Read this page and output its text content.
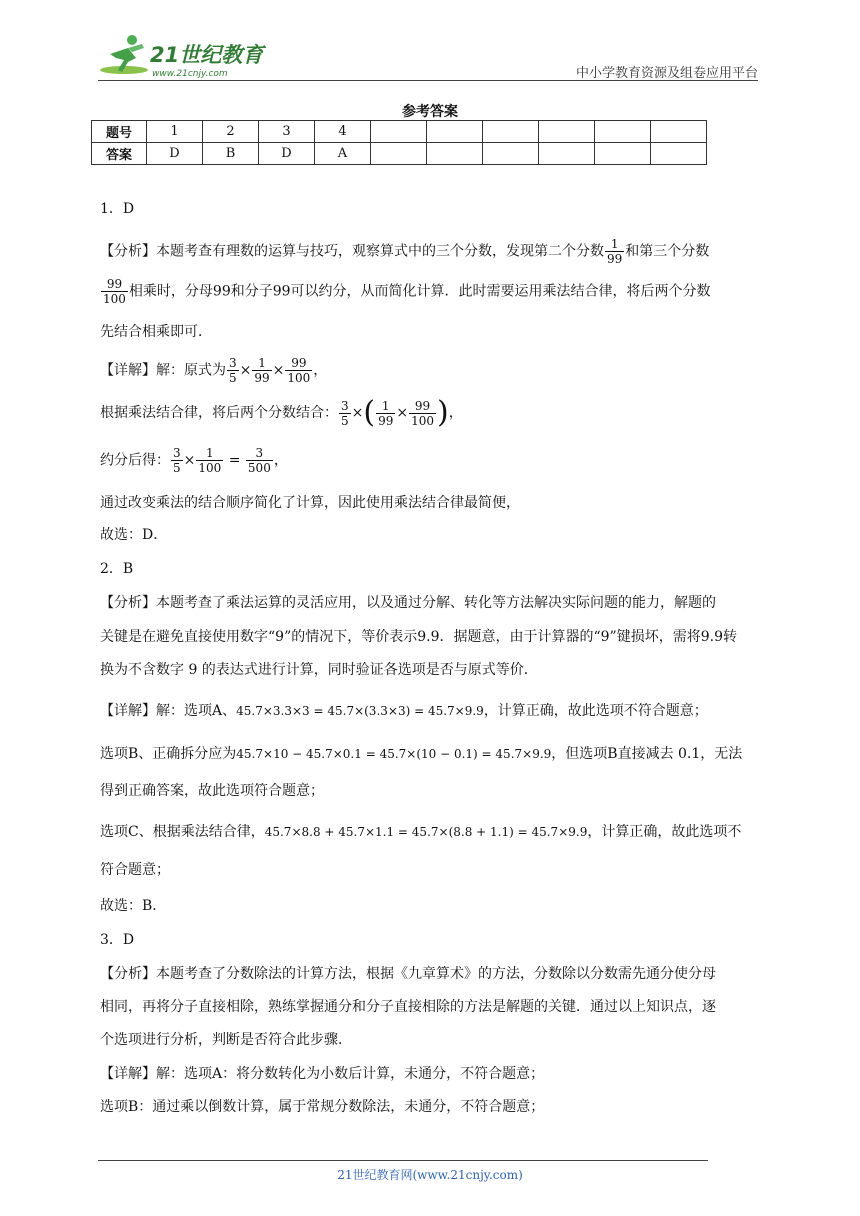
21世纪教育
www.21cnjy.com	中小学教育资源及组卷应用平台
参考答案
题号	1	2	3	4						
答案	D	B	D	A						
1．D
【分析】本题考查有理数的运算与技巧，观察算式中的三个分数，发现第二个分数 $\frac{1}{99}$ 和第三个分数
$\frac{99}{100}$ 相乘时，分母99和分子99可以约分，从而简化计算．此时需要运用乘法结合律，将后两个分数
先结合相乘即可．
【详解】解：原式为 $\frac{3}{5} \times \frac{1}{99} \times \frac{99}{100}$ ，
根据乘法结合律，将后两个分数结合： $\frac{3}{5}$ ×( $\frac{1}{99} \times \frac{99}{100}$ )，
约分后得： $\frac{3}{5} \times \frac{1}{100} = \frac{3}{500}$ ，
通过改变乘法的结合顺序简化了计算，因此使用乘法结合律最简便，
故选：D．
2．B
【分析】本题考查了乘法运算的灵活应用，以及通过分解、转化等方法解决实际问题的能力，解题的
关键是在避免直接使用数字“9”的情况下，等价表示9.9．据题意，由于计算器的“9”键损坏，需将9.9转
换为不含数字 9 的表达式进行计算，同时验证各选项是否与原式等价．
【详解】解：选项A、45.7×3.3×3 = 45.7×(3.3×3) = 45.7×9.9，计算正确，故此选项不符合题意；
选项B、正确拆分应为45.7×10 − 45.7×0.1 = 45.7×(10 − 0.1) = 45.7×9.9，但选项B直接减去 0.1，无法
得到正确答案，故此选项符合题意；
选项C、根据乘法结合律，45.7×8.8 + 45.7×1.1 = 45.7×(8.8 + 1.1) = 45.7×9.9，计算正确，故此选项不
符合题意；
故选：B．
3．D
【分析】本题考查了分数除法的计算方法，根据《九章算术》的方法，分数除以分数需先通分使分母
相同，再将分子直接相除，熟练掌握通分和分子直接相除的方法是解题的关键．通过以上知识点，逐
个选项进行分析，判断是否符合此步骤．
【详解】解：选项A：将分数转化为小数后计算，未通分，不符合题意；
选项B：通过乘以倒数计算，属于常规分数除法，未通分，不符合题意；
21世纪教育网(www.21cnjy.com)
